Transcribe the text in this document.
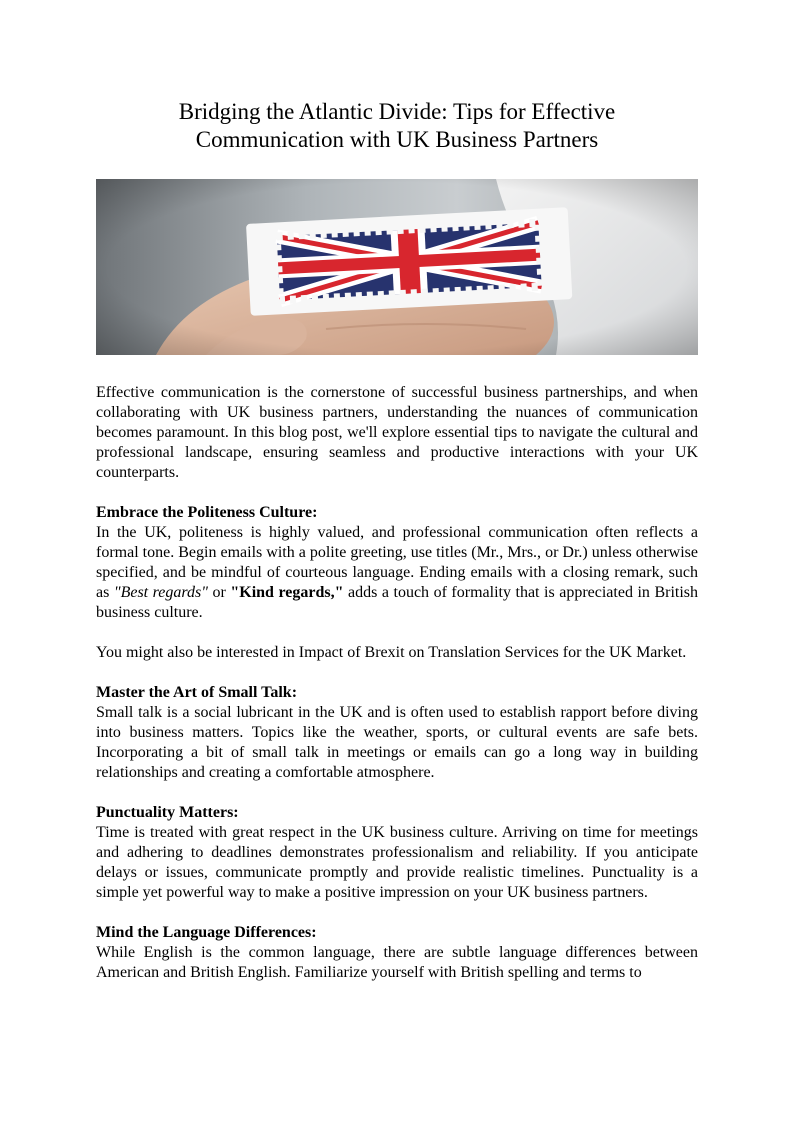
Bridging the Atlantic Divide: Tips for Effective
Communication with UK Business Partners

Effective communication is the cornerstone of successful business partnerships, and when collaborating with UK business partners, understanding the nuances of communication becomes paramount. In this blog post, we'll explore essential tips to navigate the cultural and professional landscape, ensuring seamless and productive interactions with your UK counterparts.

Embrace the Politeness Culture:

In the UK, politeness is highly valued, and professional communication often reflects a formal tone. Begin emails with a polite greeting, use titles (Mr., Mrs., or Dr.) unless otherwise specified, and be mindful of courteous language. Ending emails with a closing remark, such as "Best regards" or "Kind regards," adds a touch of formality that is appreciated in British business culture.

You might also be interested in Impact of Brexit on Translation Services for the UK Market.

Master the Art of Small Talk:

Small talk is a social lubricant in the UK and is often used to establish rapport before diving into business matters. Topics like the weather, sports, or cultural events are safe bets. Incorporating a bit of small talk in meetings or emails can go a long way in building relationships and creating a comfortable atmosphere.

Punctuality Matters:

Time is treated with great respect in the UK business culture. Arriving on time for meetings and adhering to deadlines demonstrates professionalism and reliability. If you anticipate delays or issues, communicate promptly and provide realistic timelines. Punctuality is a simple yet powerful way to make a positive impression on your UK business partners.

Mind the Language Differences:

While English is the common language, there are subtle language differences between American and British English. Familiarize yourself with British spelling and terms to
